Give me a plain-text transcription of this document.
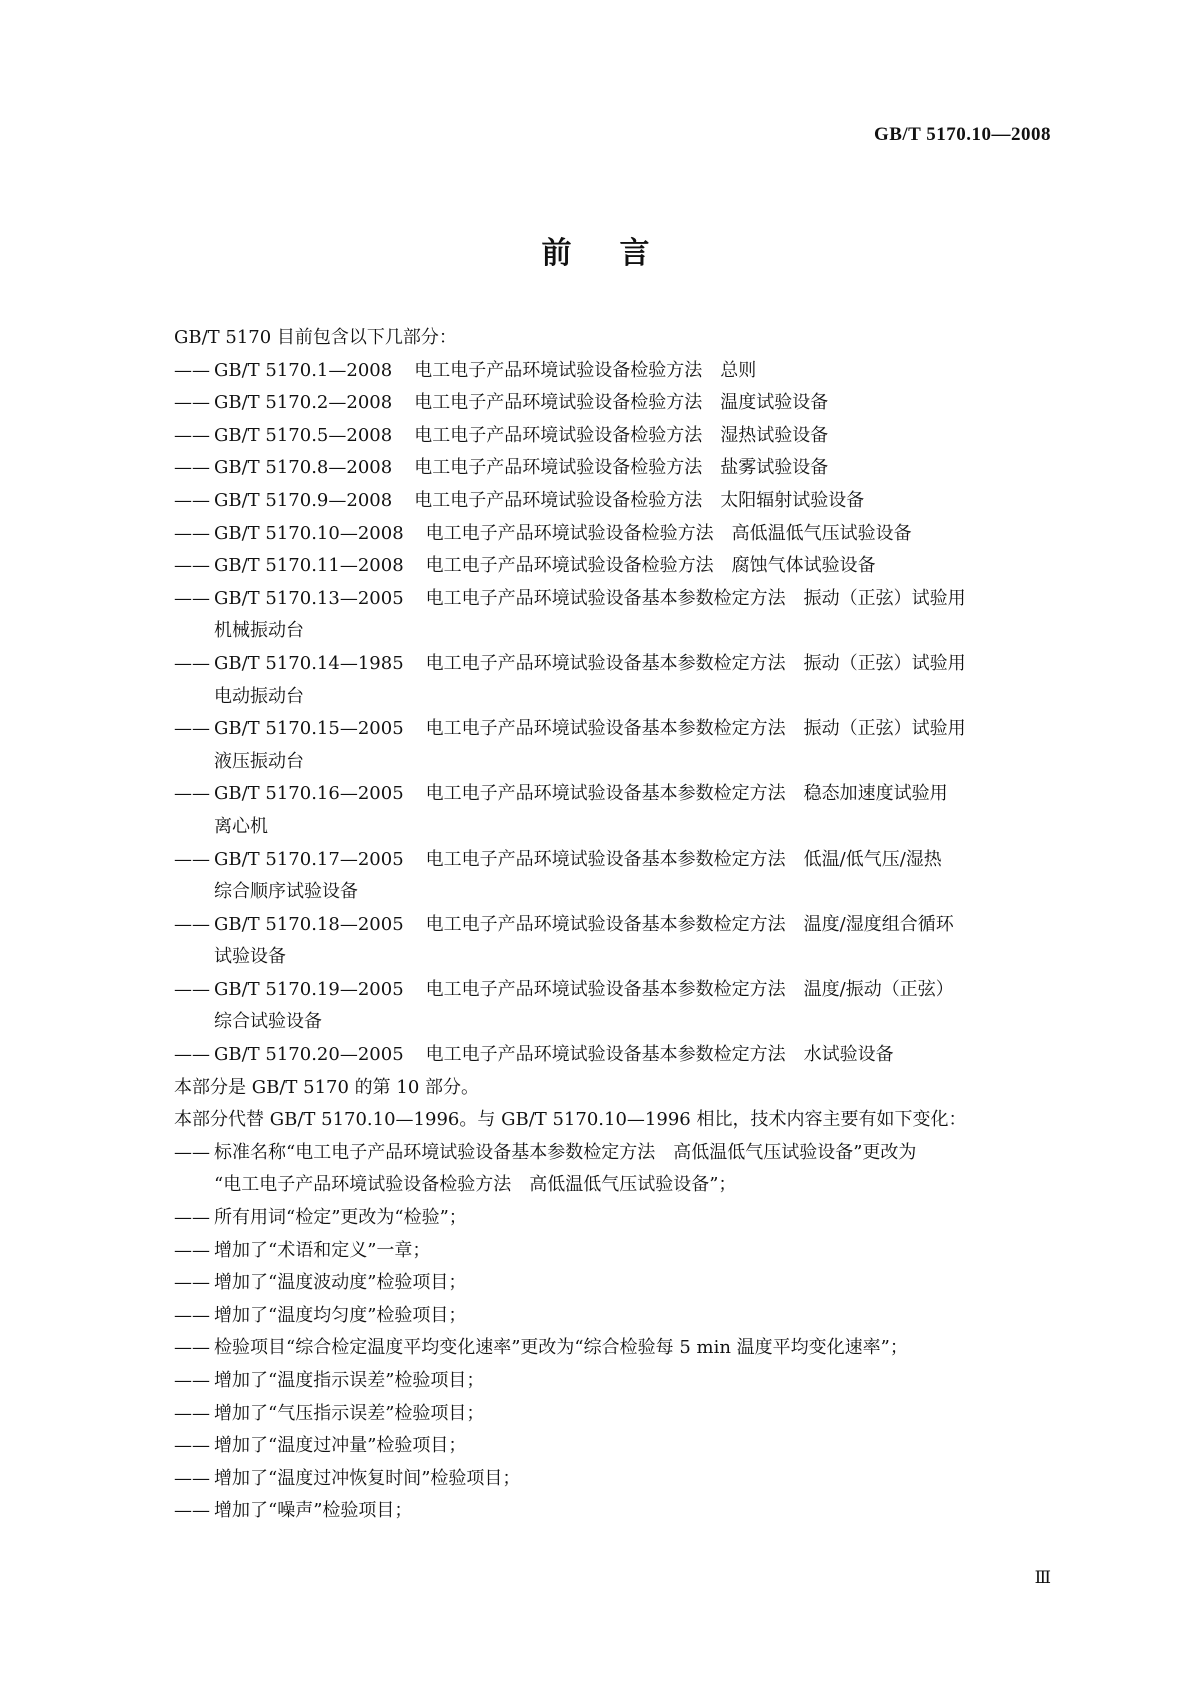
GB/T 5170.10—2008
前言
GB/T 5170 目前包含以下几部分：
—— GB/T 5170.1—2008 电工电子产品环境试验设备检验方法　总则
—— GB/T 5170.2—2008 电工电子产品环境试验设备检验方法　温度试验设备
—— GB/T 5170.5—2008 电工电子产品环境试验设备检验方法　湿热试验设备
—— GB/T 5170.8—2008 电工电子产品环境试验设备检验方法　盐雾试验设备
—— GB/T 5170.9—2008 电工电子产品环境试验设备检验方法　太阳辐射试验设备
—— GB/T 5170.10—2008 电工电子产品环境试验设备检验方法　高低温低气压试验设备
—— GB/T 5170.11—2008 电工电子产品环境试验设备检验方法　腐蚀气体试验设备
—— GB/T 5170.13—2005 电工电子产品环境试验设备基本参数检定方法　振动（正弦）试验用
机械振动台
—— GB/T 5170.14—1985 电工电子产品环境试验设备基本参数检定方法　振动（正弦）试验用
电动振动台
—— GB/T 5170.15—2005 电工电子产品环境试验设备基本参数检定方法　振动（正弦）试验用
液压振动台
—— GB/T 5170.16—2005 电工电子产品环境试验设备基本参数检定方法　稳态加速度试验用
离心机
—— GB/T 5170.17—2005 电工电子产品环境试验设备基本参数检定方法　低温/低气压/湿热
综合顺序试验设备
—— GB/T 5170.18—2005 电工电子产品环境试验设备基本参数检定方法　温度/湿度组合循环
试验设备
—— GB/T 5170.19—2005 电工电子产品环境试验设备基本参数检定方法　温度/振动（正弦）
综合试验设备
—— GB/T 5170.20—2005 电工电子产品环境试验设备基本参数检定方法　水试验设备
本部分是 GB/T 5170 的第 10 部分。
本部分代替 GB/T 5170.10—1996。与 GB/T 5170.10—1996 相比，技术内容主要有如下变化：
—— 标准名称“电工电子产品环境试验设备基本参数检定方法　高低温低气压试验设备”更改为
“电工电子产品环境试验设备检验方法　高低温低气压试验设备”；
—— 所有用词“检定”更改为“检验”；
—— 增加了“术语和定义”一章；
—— 增加了“温度波动度”检验项目；
—— 增加了“温度均匀度”检验项目；
—— 检验项目“综合检定温度平均变化速率”更改为“综合检验每 5 min 温度平均变化速率”；
—— 增加了“温度指示误差”检验项目；
—— 增加了“气压指示误差”检验项目；
—— 增加了“温度过冲量”检验项目；
—— 增加了“温度过冲恢复时间”检验项目；
—— 增加了“噪声”检验项目；
Ⅲ
